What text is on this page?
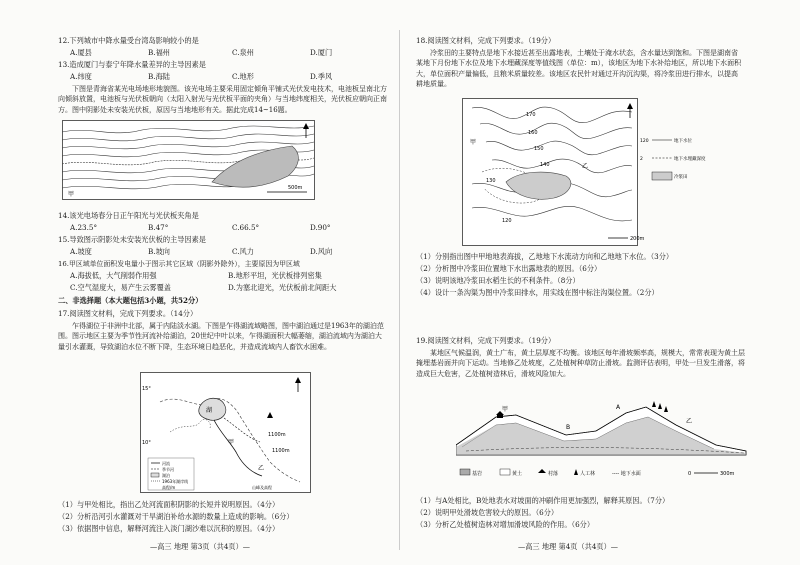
12.下列城市中降水量受台湾岛影响较小的是
A.厦县	B.福州	C.泉州	D.厦门
13.造成厦门与泰宁年降水量差异的主导因素是
A.纬度	B.海陆	C.地形	D.季风
下图是青海省某光电场地形地貌图。该光电场主要采用固定倾角平铺式光伏发电技术，电池板呈南北方向倾斜放置，电池板与光伏板朝向（太阳入射光与光伏板平面的夹角）与当地纬度相关，光伏板应朝向正南方。图中阴影处未安装光伏板，原因与当地地形有关。据此完成14~16题。
500m
甲
14.该光电场春分日正午阳光与光伏板夹角是
A.23.5°	B.47°	C.66.5°	D.90°
15.导致图示阴影处未安装光伏板的主导因素是
A.坡度	B.坡向	C.风力	D.风向
16.甲区域单位面积发电量小于图示其它区域（阴影外除外），主要原因为甲区域
A.海拔低，大气削弱作用强	B.地形平坦，光伏板排列密集
C.空气湿度大，易产生云雾覆盖	D.为塞北迎光，光伏板前北间距大
二、非选择题（本大题包括3小题，共52分）
17.阅读图文材料，完成下列要求。（14分）
乍得湖位于非洲中北部，属于内陆淡水湖。下图是乍得湖流域略图，图中湖泊通过是1963年的湖泊范围。图示地区主要为季节性河流补给湖泊，20世纪中叶以来，乍得湖面积大幅萎缩，湖泊流域内为湖泊大量引水灌溉，导致湖泊水位不断下降，生态环境日趋恶化，并造成流域内人畜饮水困难。
15°
10°
湖
甲
乙
1100m
1100m
河流
季节河
湖泊
1963年湖岸线
高程/m	山峰及高程
（1）与甲处相比，指出乙处河流面积阴影的长短并说明原因。（4分）
（2）分析沿河引水灌溉对干旱湖泊补给水源的数量上造成的影响。（6分）
（3）依据图中信息，解释河流注入淡门湖沙难以沉积的原因。（4分）
—高三 地理 第3页（共4页）—
18.阅读图文材料，完成下列要求。（19分）
冷浆田的主要特点是地下水接近甚至出露地表，土壤处于淹水状态，含水量达到饱和。下图是湖南省某地下月份地下水位及地下水埋藏深度等值线图（单位：m），该地区为地下水补给地区，所以地下水面积大，单位面积产量偏低，且粮米质量较差。该地区农民针对通过开沟沉沟渠，将冷浆田进行排水，以提高耕地质量。
170
160
150
140
130
120
甲
乙
200m
120	地下水位
2	地下水埋藏深度
冷浆田
（1）分别指出图中甲地地表海拔，乙地地下水流动方向和乙地地下水位。（3分）
（2）分析图中冷浆田位置地下水出露地表的原因。（6分）
（3）说明该地冷浆田水稻生长的不利条件。（8分）
（4）设计一条沟渠为图中冷浆田排水，用实线在图中标注沟渠位置。（2分）
19.阅读图文材料，完成下列要求。（19分）
某地区气候温润，黄土广布，黄土层厚度不均衡。该地区每年滑坡频率高，规模大，常常表现为黄土层掩埋基岩面并向下运动。当地修乙处坡度，乙处植树种草防止滑坡。监测评估表明，甲处一旦发生滑落，将造成巨大危害，乙处植树造林后，滑坡风险加大。
甲
B
A
乙
基岩	黄土	村落	人工林	---- 地下水面	0	300m
（1）与A处相比，B处地表水对坡面的冲刷作用更加强烈，解释其原因。（7分）
（2）说明甲处滑坡危害较大的原因。（6分）
（3）分析乙处植树造林对增加滑坡风险的作用。（6分）
—高三 地理 第4页（共4页）—
